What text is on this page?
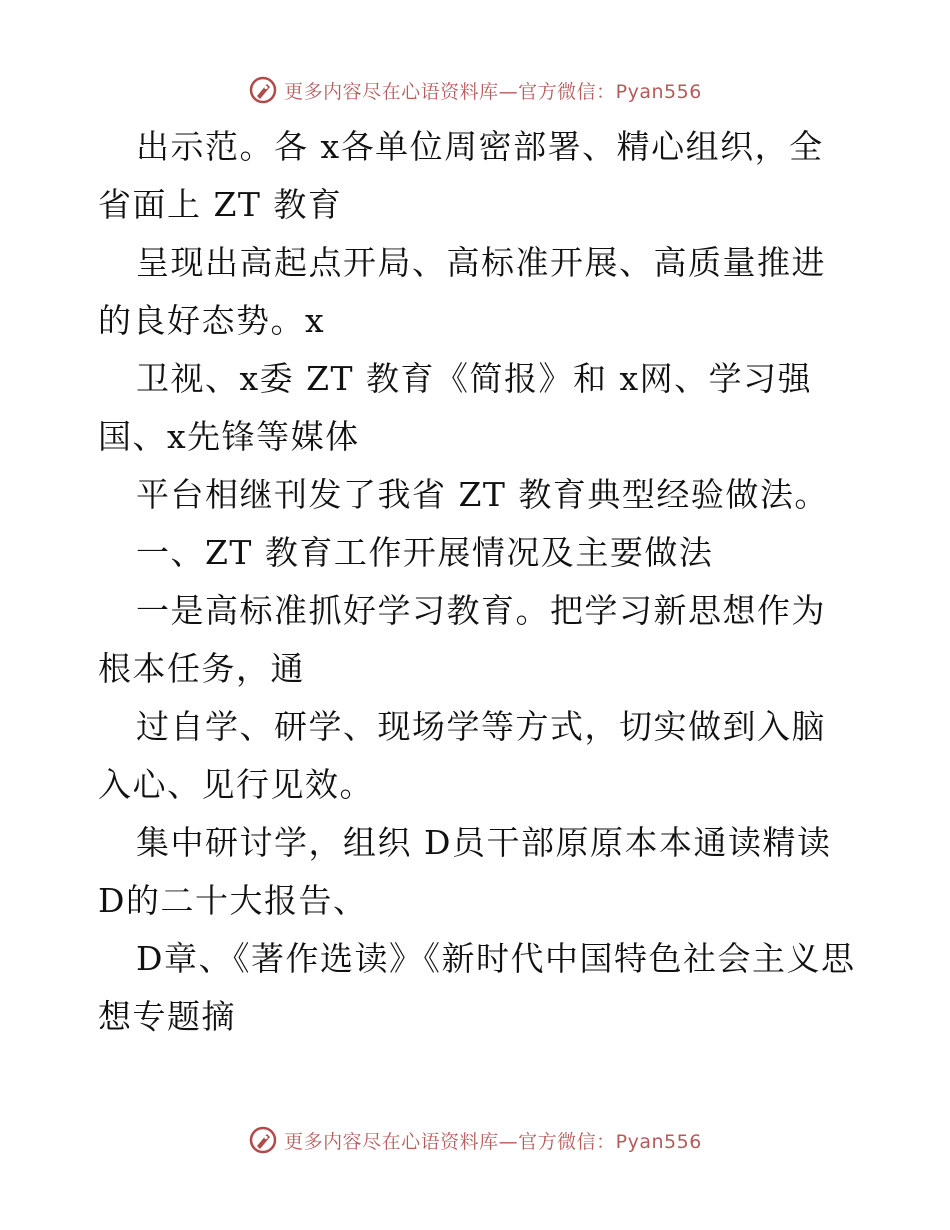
更多内容尽在心语资料库—官方微信：Pyan556

出示范。各 x各单位周密部署、精心组织，全省面上 ZT 教育

呈现出高起点开局、高标准开展、高质量推进的良好态势。x

卫视、x委 ZT 教育《简报》和 x网、学习强国、x先锋等媒体

平台相继刊发了我省 ZT 教育典型经验做法。

一、ZT 教育工作开展情况及主要做法

一是高标准抓好学习教育。把学习新思想作为根本任务，通

过自学、研学、现场学等方式，切实做到入脑入心、见行见效。

集中研讨学，组织 D员干部原原本本通读精读 D的二十大报告、

D章、《著作选读》《新时代中国特色社会主义思想专题摘

更多内容尽在心语资料库—官方微信：Pyan556
